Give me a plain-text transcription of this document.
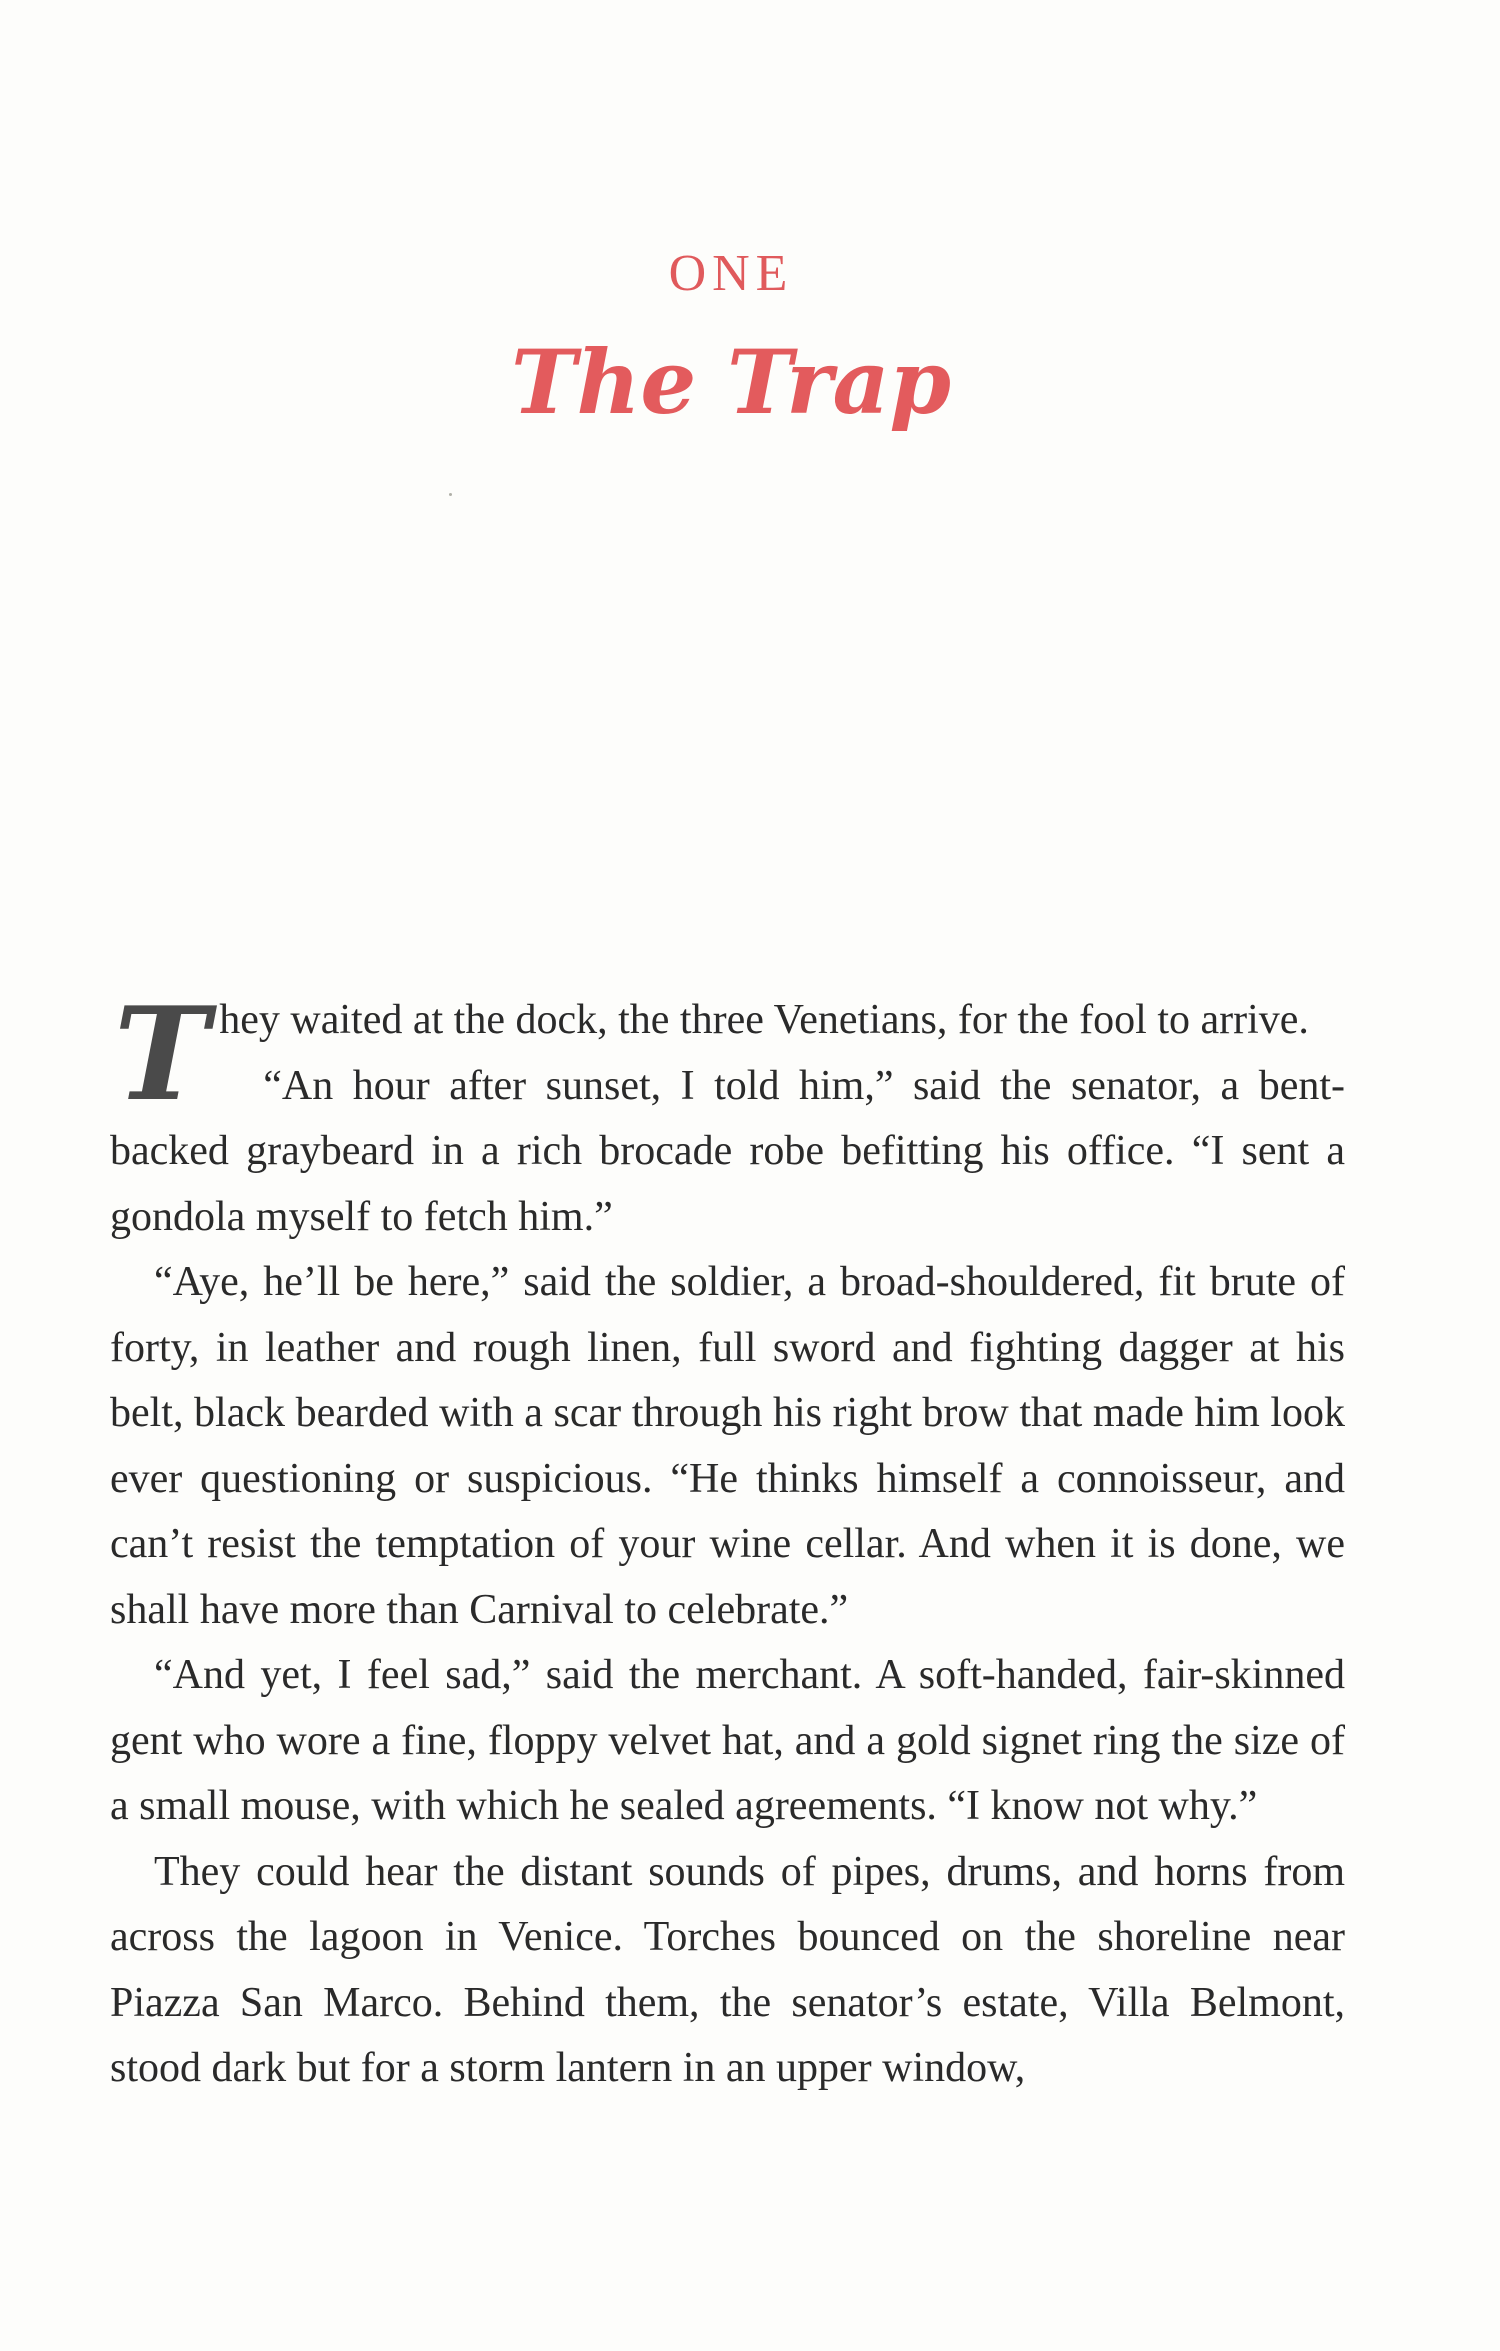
ONE
The Trap

They waited at the dock, the three Venetians, for the fool to arrive.

“An hour after sunset, I told him,” said the senator, a bent-backed graybeard in a rich brocade robe befitting his office. “I sent a gondola myself to fetch him.”

“Aye, he’ll be here,” said the soldier, a broad-shouldered, fit brute of forty, in leather and rough linen, full sword and fighting dagger at his belt, black bearded with a scar through his right brow that made him look ever questioning or suspicious. “He thinks himself a connoisseur, and can’t resist the temptation of your wine cellar. And when it is done, we shall have more than Carnival to celebrate.”

“And yet, I feel sad,” said the merchant. A soft-handed, fair-skinned gent who wore a fine, floppy velvet hat, and a gold signet ring the size of a small mouse, with which he sealed agreements. “I know not why.”

They could hear the distant sounds of pipes, drums, and horns from across the lagoon in Venice. Torches bounced on the shoreline near Piazza San Marco. Behind them, the senator’s estate, Villa Belmont, stood dark but for a storm lantern in an upper window,
